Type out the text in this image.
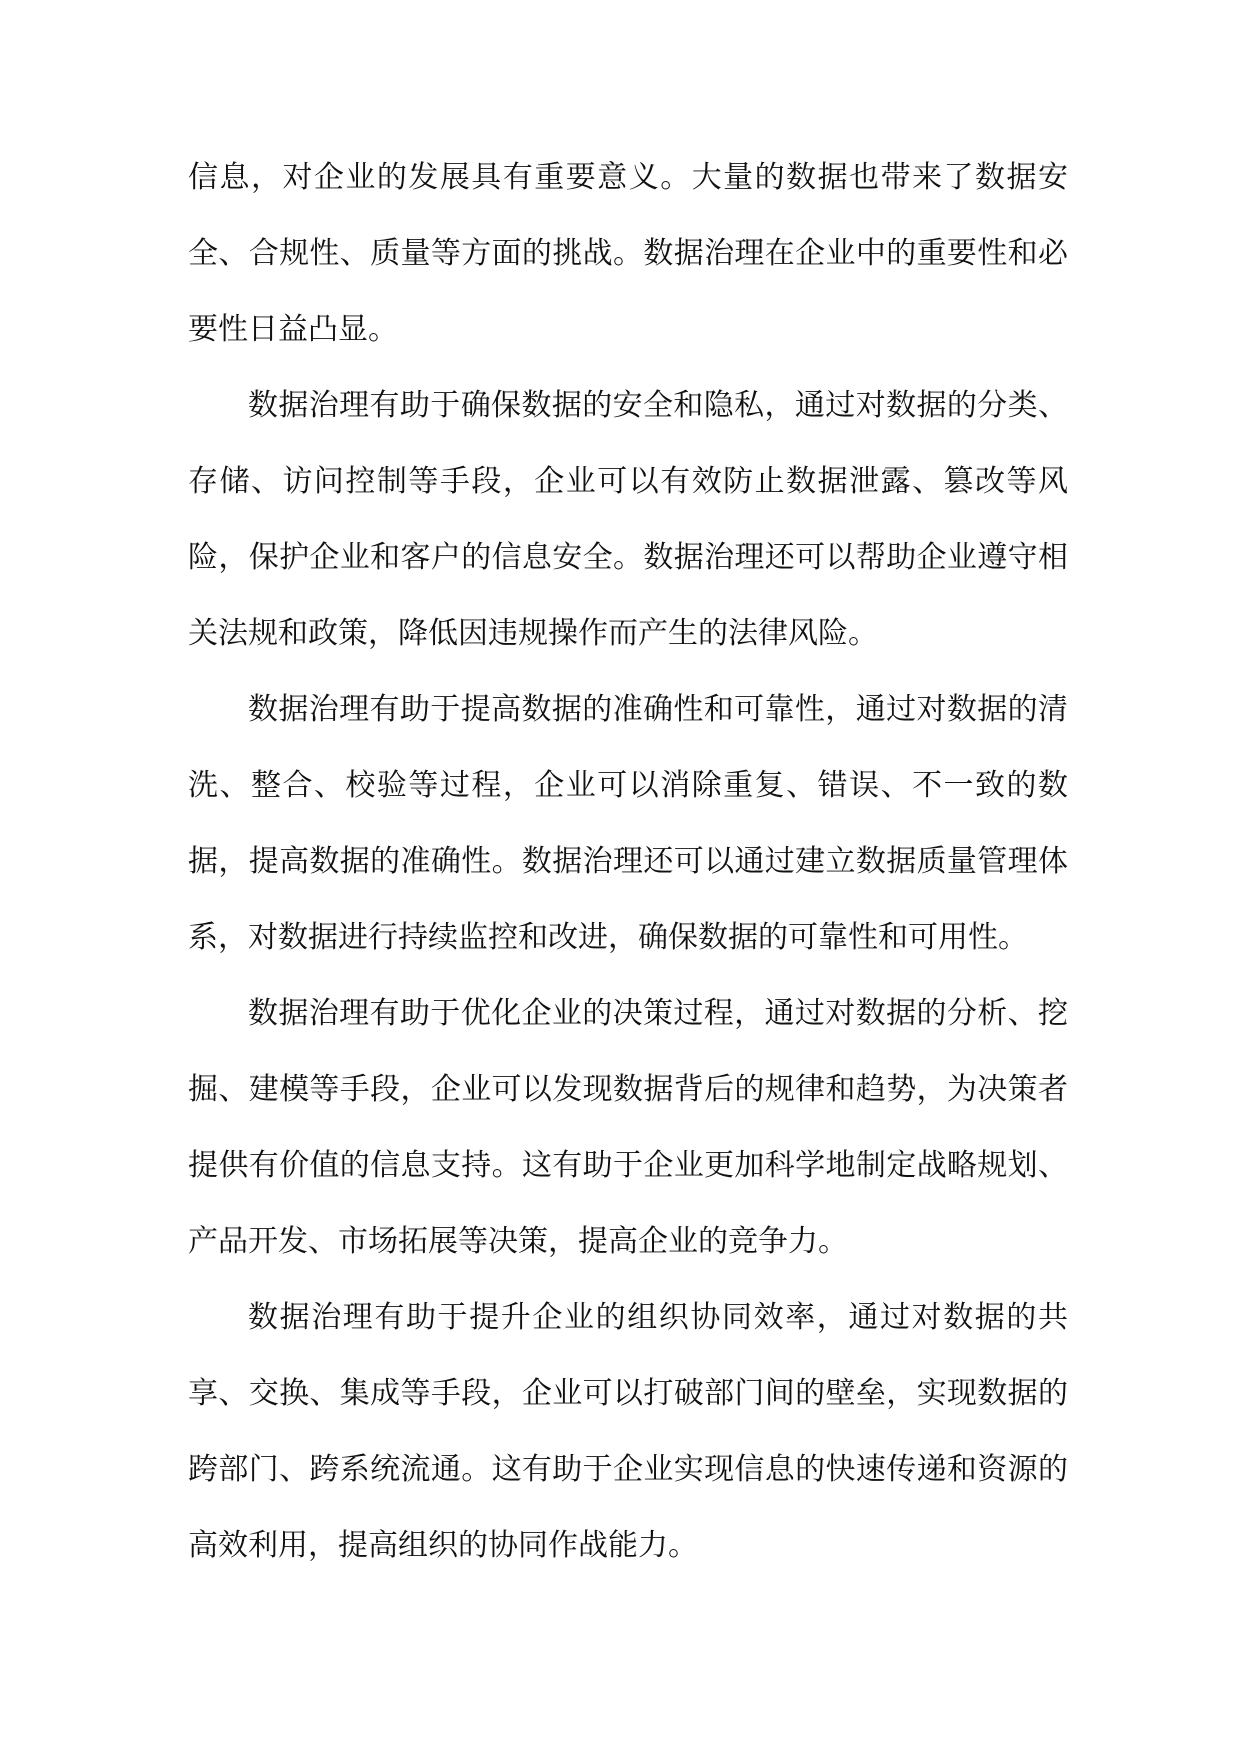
信息，对企业的发展具有重要意义。大量的数据也带来了数据安全、合规性、质量等方面的挑战。数据治理在企业中的重要性和必要性日益凸显。

数据治理有助于确保数据的安全和隐私，通过对数据的分类、存储、访问控制等手段，企业可以有效防止数据泄露、篡改等风险，保护企业和客户的信息安全。数据治理还可以帮助企业遵守相关法规和政策，降低因违规操作而产生的法律风险。

数据治理有助于提高数据的准确性和可靠性，通过对数据的清洗、整合、校验等过程，企业可以消除重复、错误、不一致的数据，提高数据的准确性。数据治理还可以通过建立数据质量管理体系，对数据进行持续监控和改进，确保数据的可靠性和可用性。

数据治理有助于优化企业的决策过程，通过对数据的分析、挖掘、建模等手段，企业可以发现数据背后的规律和趋势，为决策者提供有价值的信息支持。这有助于企业更加科学地制定战略规划、产品开发、市场拓展等决策，提高企业的竞争力。

数据治理有助于提升企业的组织协同效率，通过对数据的共享、交换、集成等手段，企业可以打破部门间的壁垒，实现数据的跨部门、跨系统流通。这有助于企业实现信息的快速传递和资源的高效利用，提高组织的协同作战能力。
